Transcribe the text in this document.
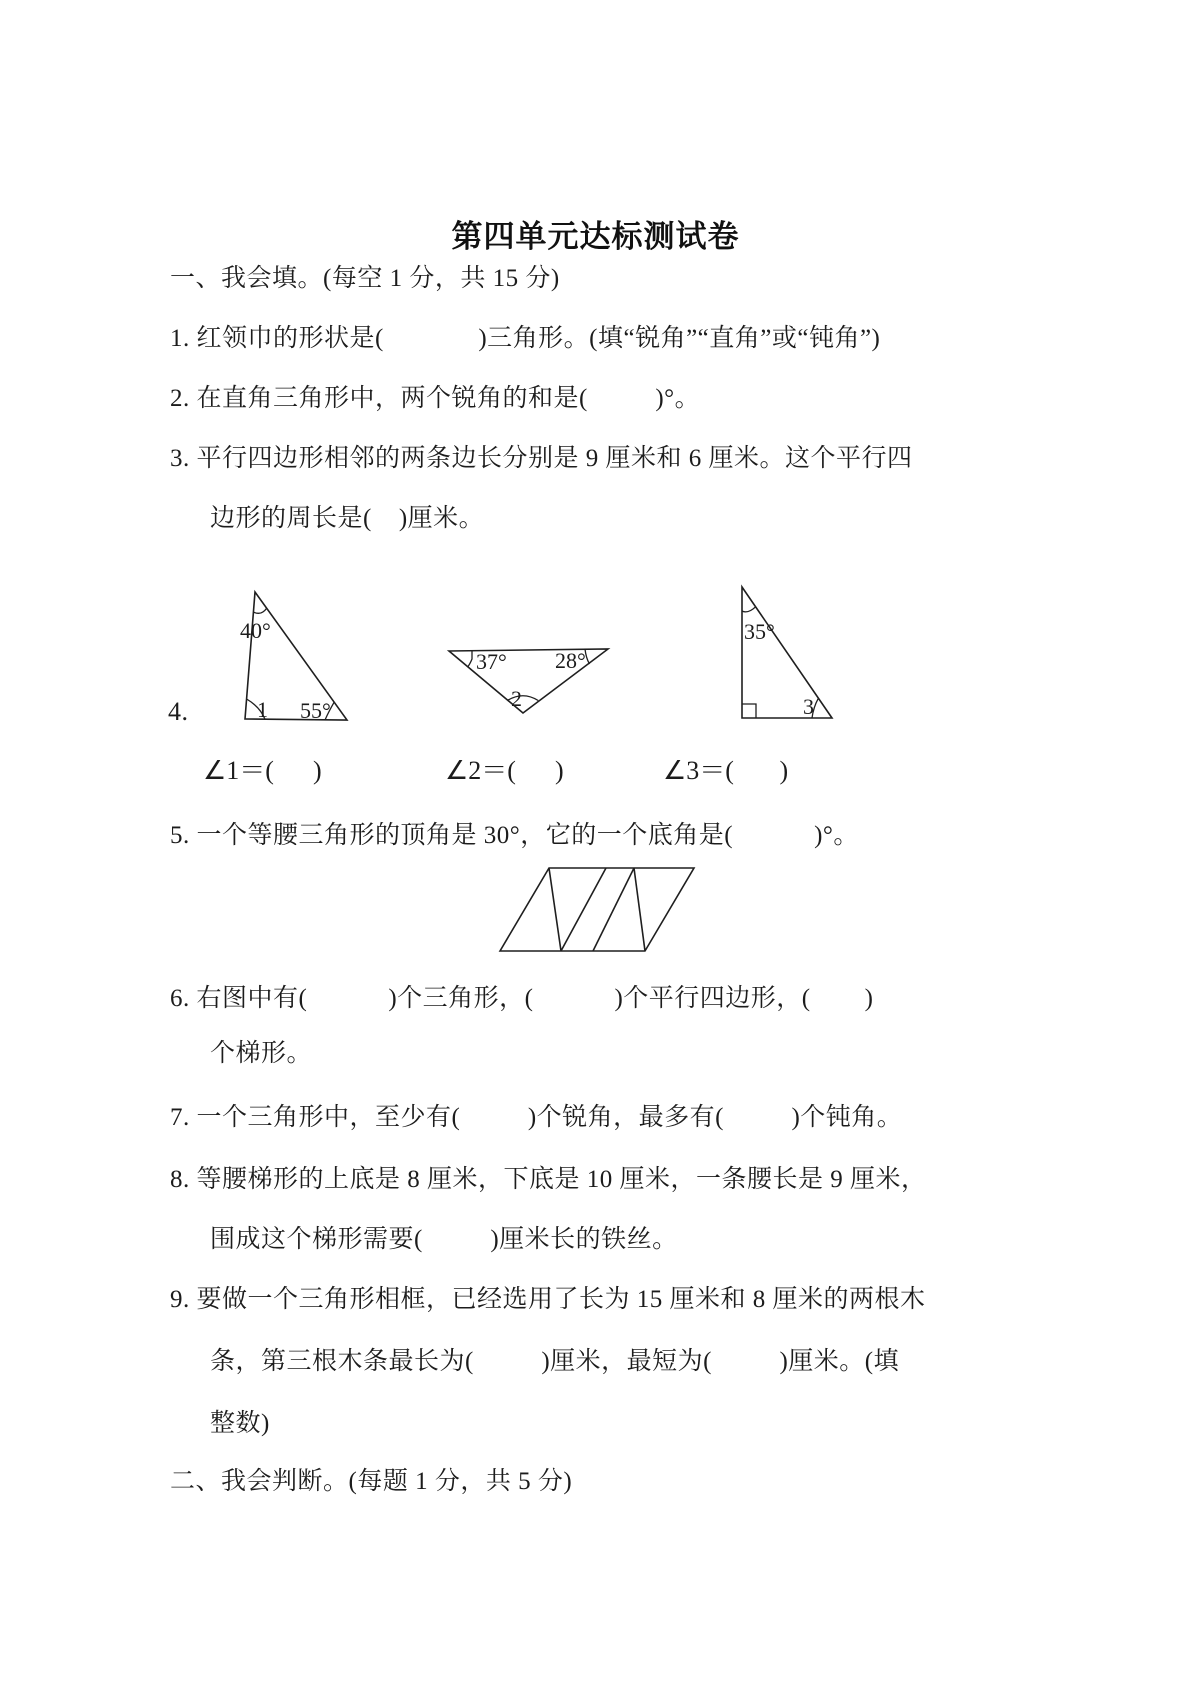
第四单元达标测试卷
一、我会填。(每空 1 分，共 15 分)
1. 红领巾的形状是(              )三角形。(填“锐角”“直角”或“钝角”)
2. 在直角三角形中，两个锐角的和是(          )°。
3. 平行四边形相邻的两条边长分别是 9 厘米和 6 厘米。这个平行四
边形的周长是(    )厘米。
4.
40°
1 55°
37° 28°
2
35°
3
∠1＝(      )	∠2＝(      )	∠3＝(       )
5. 一个等腰三角形的顶角是 30°，它的一个底角是(            )°。
6. 右图中有(            )个三角形，(            )个平行四边形，(        )
个梯形。
7. 一个三角形中，至少有(          )个锐角，最多有(          )个钝角。
8. 等腰梯形的上底是 8 厘米，下底是 10 厘米，一条腰长是 9 厘米，
围成这个梯形需要(          )厘米长的铁丝。
9. 要做一个三角形相框，已经选用了长为 15 厘米和 8 厘米的两根木
条，第三根木条最长为(          )厘米，最短为(          )厘米。(填
整数)
二、我会判断。(每题 1 分，共 5 分)
